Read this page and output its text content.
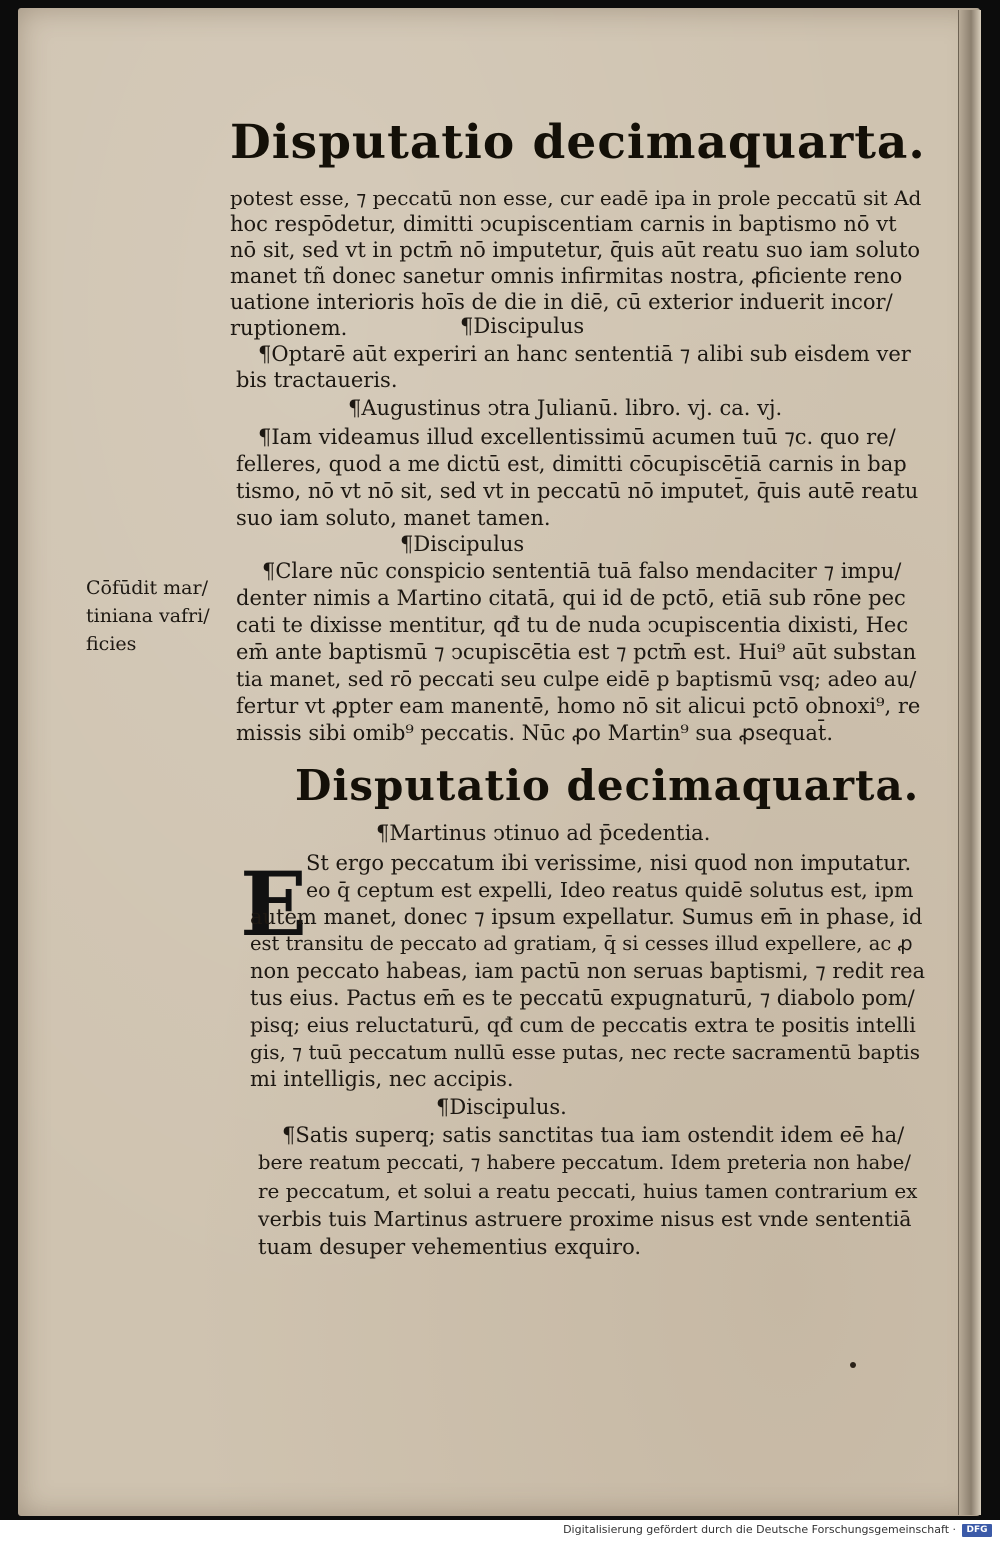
Disputatio decimaquarta.
potest esse, ⁊ peccatū non esse, cur eadē ipa in prole peccatū sit Ad
hoc respōdetur, dimitti ↄcupiscentiam carnis in baptismo nō vt
nō sit, sed vt in pctm̄ nō imputetur, q̄uis aūt reatu suo iam soluto
manet tñ donec sanetur omnis infirmitas nostra, ꝓficiente reno
uatione interioris hoīs de die in diē, cū exterior induerit incor/
ruptionem.	¶Discipulus
¶Optarē aūt experiri an hanc sententiā ⁊ alibi sub eisdem ver
bis tractaueris.
¶Augustinus ↄtra Julianū. libro. vj. ca. vj.
¶Iam videamus illud excellentissimū acumen tuū ⁊c. quo re/
felleres, quod a me dictū est, dimitti cōcupiscētiā carnis in bap
tismo, nō vt nō sit, sed vt in peccatū nō imputet̄, q̄uis autē reatu
suo iam soluto, manet tamen.
¶Discipulus
¶Clare nūc conspicio sententiā tuā falso mendaciter ⁊ impu/
denter nimis a Martino citatā, qui id de pctō, etiā sub rōne pec
cati te dixisse mentitur, qđ tu de nuda ↄcupiscentia dixisti, Hec
em̄ ante baptismū ⁊ ↄcupiscētia est ⁊ pctm̄ est. Hui⁹ aūt substan
tia manet, sed rō peccati seu culpe eidē p baptismū vsq; adeo au/
fertur vt ꝓpter eam manentē, homo nō sit alicui pctō obnoxi⁹, re
missis sibi omib⁹ peccatis. Nūc ꝓo Martin⁹ sua ꝓsequat̄.
Cōfūdit mar/
tiniana vafri/
ficies
Disputatio decimaquarta.
¶Martinus ↄtinuo ad p̄cedentia.
E
St ergo peccatum ibi verissime, nisi quod non imputatur.
eo q̄ ceptum est expelli, Ideo reatus quidē solutus est, ipm
autem manet, donec ⁊ ipsum expellatur. Sumus em̄ in phase, id
est transitu de peccato ad gratiam, q̄ si cesses illud expellere, ac ꝓ
non peccato habeas, iam pactū non seruas baptismi, ⁊ redit rea
tus eius. Pactus em̄ es te peccatū expugnaturū, ⁊ diabolo pom/
pisq; eius reluctaturū, qđ cum de peccatis extra te positis intelli
gis, ⁊ tuū peccatum nullū esse putas, nec recte sacramentū baptis
mi intelligis, nec accipis.
¶Discipulus.
¶Satis superq; satis sanctitas tua iam ostendit idem eē ha/
bere reatum peccati, ⁊ habere peccatum. Idem preteria non habe/
re peccatum, et solui a reatu peccati, huius tamen contrarium ex
verbis tuis Martinus astruere proxime nisus est vnde sententiā
tuam desuper vehementius exquiro.
Digitalisierung gefördert durch die Deutsche Forschungsgemeinschaft ·	DFG
